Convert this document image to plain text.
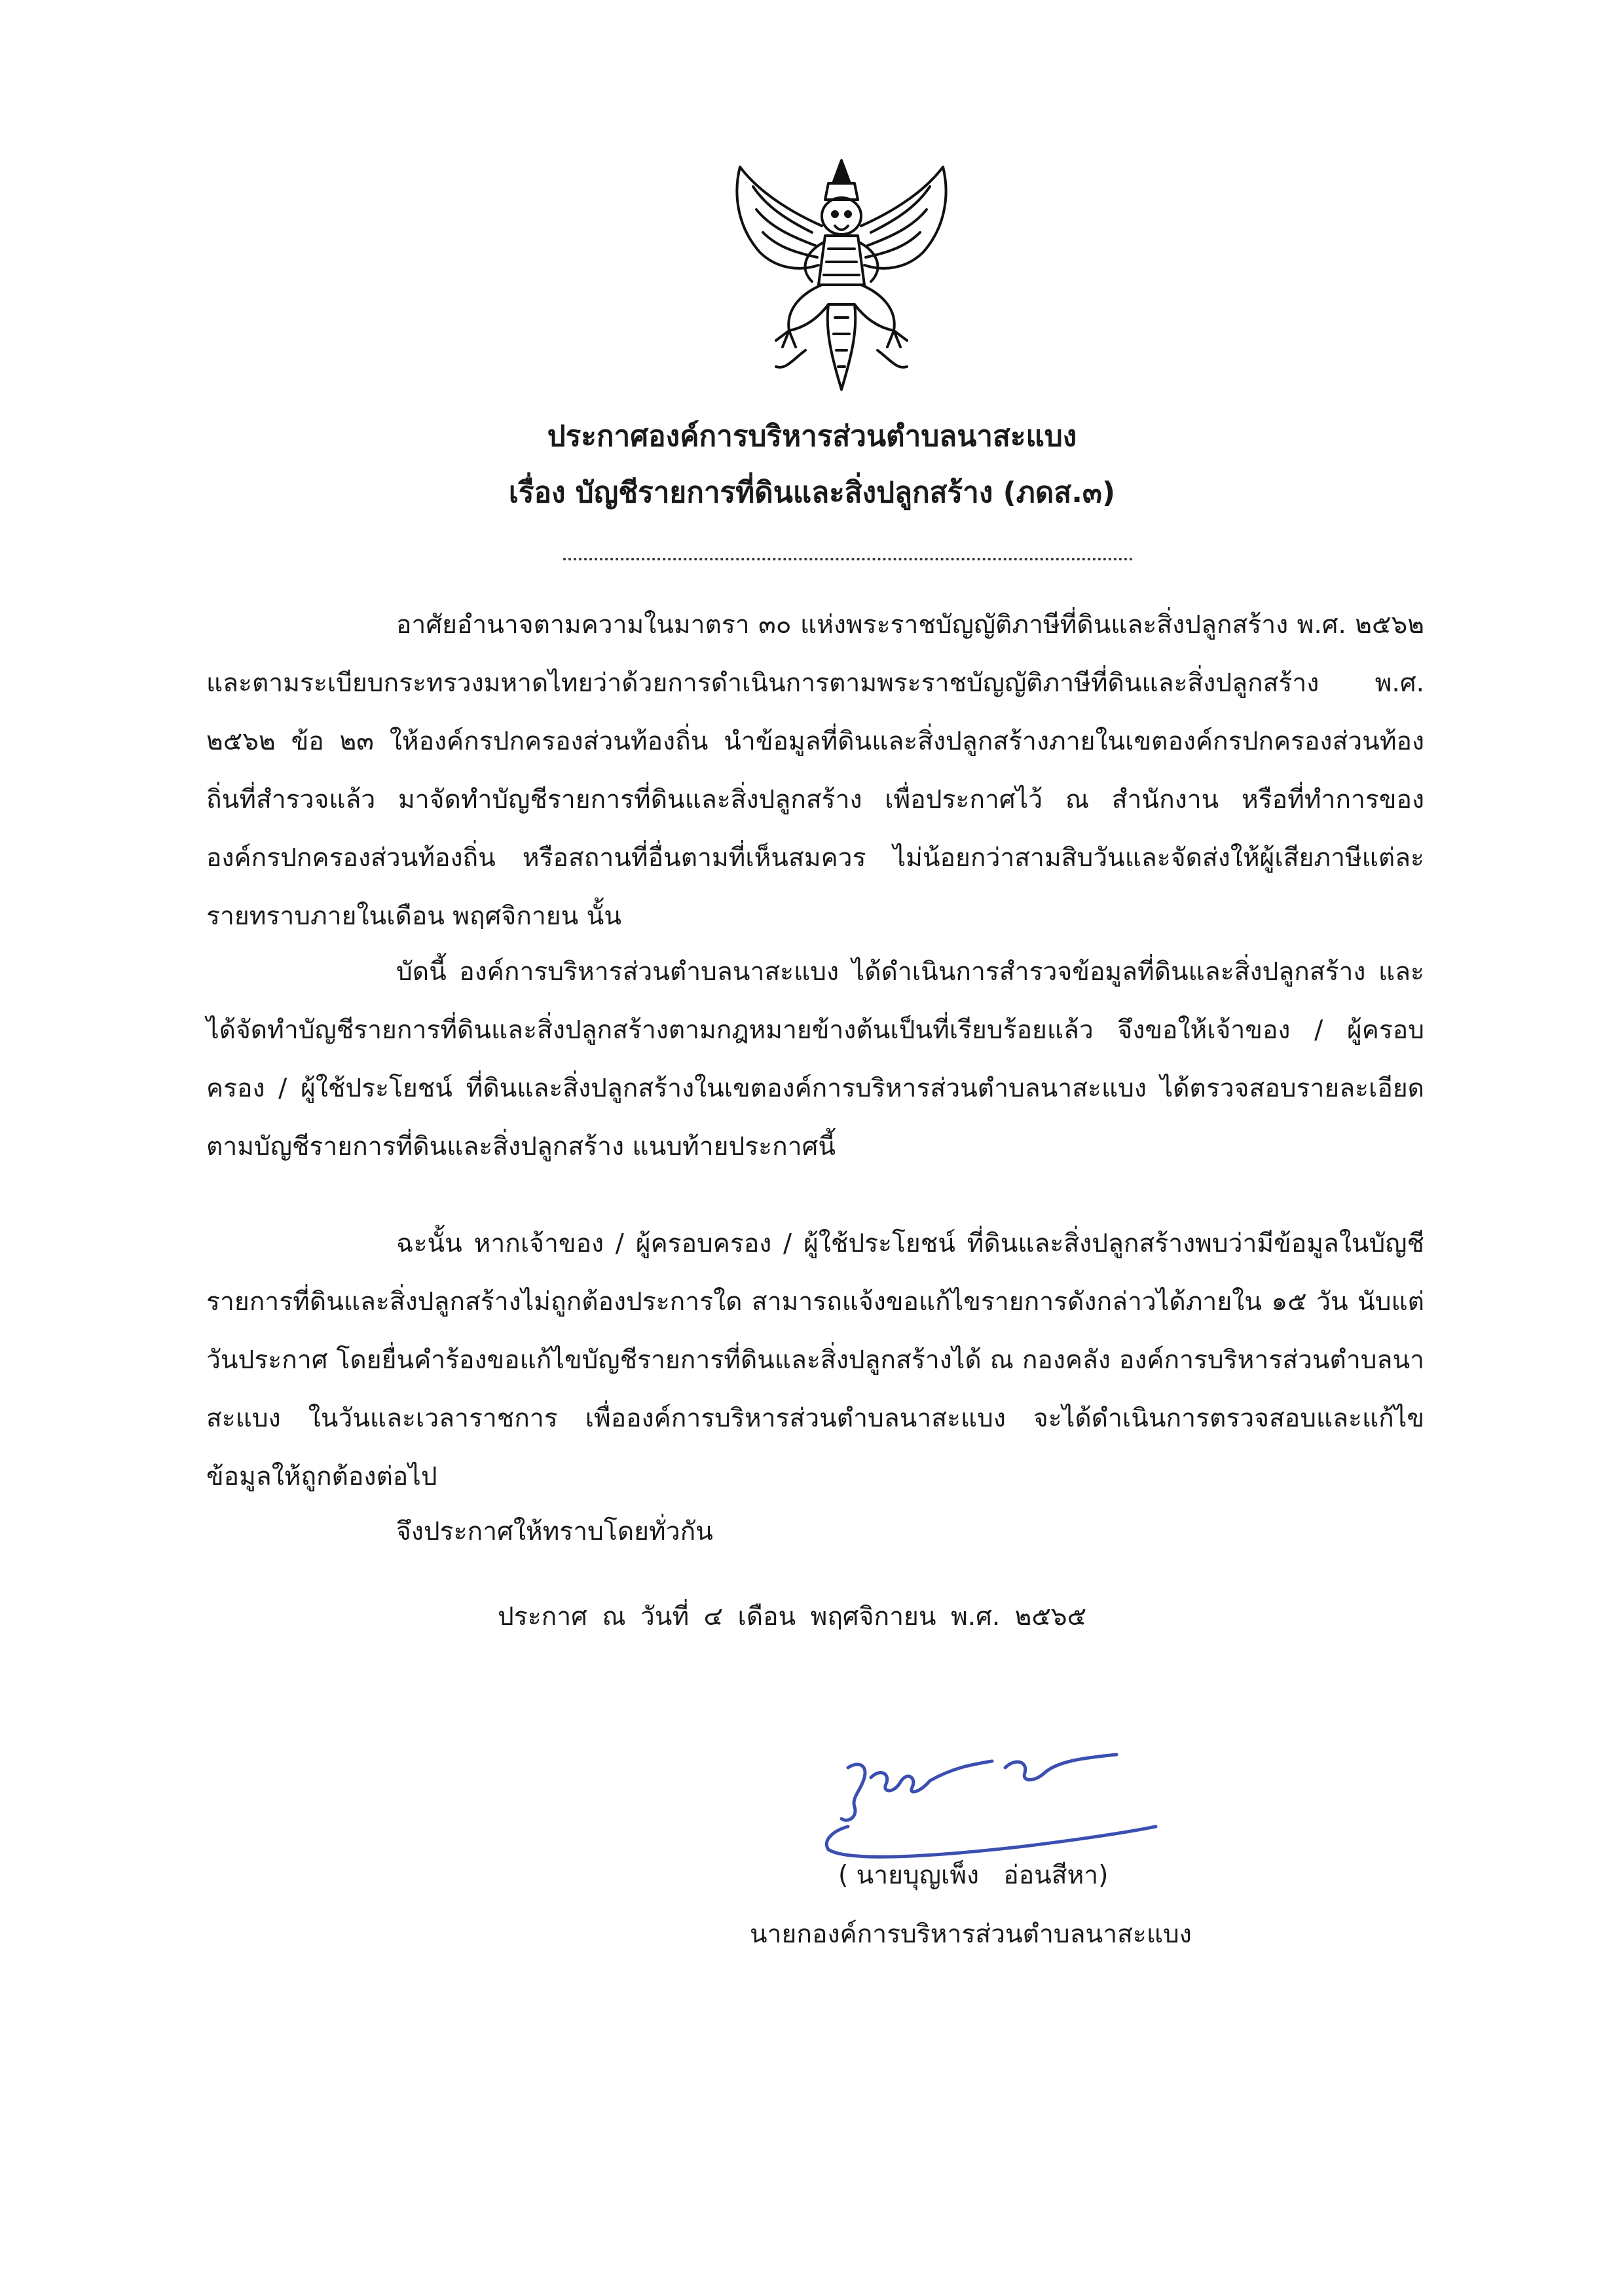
ประกาศองค์การบริหารส่วนตำบลนาสะแบง
เรื่อง บัญชีรายการที่ดินและสิ่งปลูกสร้าง (ภดส.๓)

อาศัยอำนาจตามความในมาตรา ๓๐ แห่งพระราชบัญญัติภาษีที่ดินและสิ่งปลูกสร้าง พ.ศ. ๒๕๖๒ และตามระเบียบกระทรวงมหาดไทยว่าด้วยการดำเนินการตามพระราชบัญญัติภาษีที่ดินและสิ่งปลูกสร้าง พ.ศ. ๒๕๖๒ ข้อ ๒๓ ให้องค์กรปกครองส่วนท้องถิ่น นำข้อมูลที่ดินและสิ่งปลูกสร้างภายในเขตองค์กรปกครองส่วนท้องถิ่นที่สำรวจแล้ว มาจัดทำบัญชีรายการที่ดินและสิ่งปลูกสร้าง เพื่อประกาศไว้ ณ สำนักงาน หรือที่ทำการขององค์กรปกครองส่วนท้องถิ่น หรือสถานที่อื่นตามที่เห็นสมควร ไม่น้อยกว่าสามสิบวันและจัดส่งให้ผู้เสียภาษีแต่ละรายทราบภายในเดือน พฤศจิกายน นั้น

บัดนี้ องค์การบริหารส่วนตำบลนาสะแบง ได้ดำเนินการสำรวจข้อมูลที่ดินและสิ่งปลูกสร้าง และได้จัดทำบัญชีรายการที่ดินและสิ่งปลูกสร้างตามกฎหมายข้างต้นเป็นที่เรียบร้อยแล้ว จึงขอให้เจ้าของ / ผู้ครอบครอง / ผู้ใช้ประโยชน์ ที่ดินและสิ่งปลูกสร้างในเขตองค์การบริหารส่วนตำบลนาสะแบง ได้ตรวจสอบรายละเอียดตามบัญชีรายการที่ดินและสิ่งปลูกสร้าง แนบท้ายประกาศนี้

ฉะนั้น หากเจ้าของ / ผู้ครอบครอง / ผู้ใช้ประโยชน์ ที่ดินและสิ่งปลูกสร้างพบว่ามีข้อมูลในบัญชีรายการที่ดินและสิ่งปลูกสร้างไม่ถูกต้องประการใด สามารถแจ้งขอแก้ไขรายการดังกล่าวได้ภายใน ๑๕ วัน นับแต่วันประกาศ โดยยื่นคำร้องขอแก้ไขบัญชีรายการที่ดินและสิ่งปลูกสร้างได้ ณ กองคลัง องค์การบริหารส่วนตำบลนาสะแบง ในวันและเวลาราชการ เพื่อองค์การบริหารส่วนตำบลนาสะแบง จะได้ดำเนินการตรวจสอบและแก้ไขข้อมูลให้ถูกต้องต่อไป

จึงประกาศให้ทราบโดยทั่วกัน
ประกาศ ณ วันที่ ๔ เดือน พฤศจิกายน พ.ศ. ๒๕๖๕
( นายบุญเพ็ง   อ่อนสีหา)
นายกองค์การบริหารส่วนตำบลนาสะแบง
